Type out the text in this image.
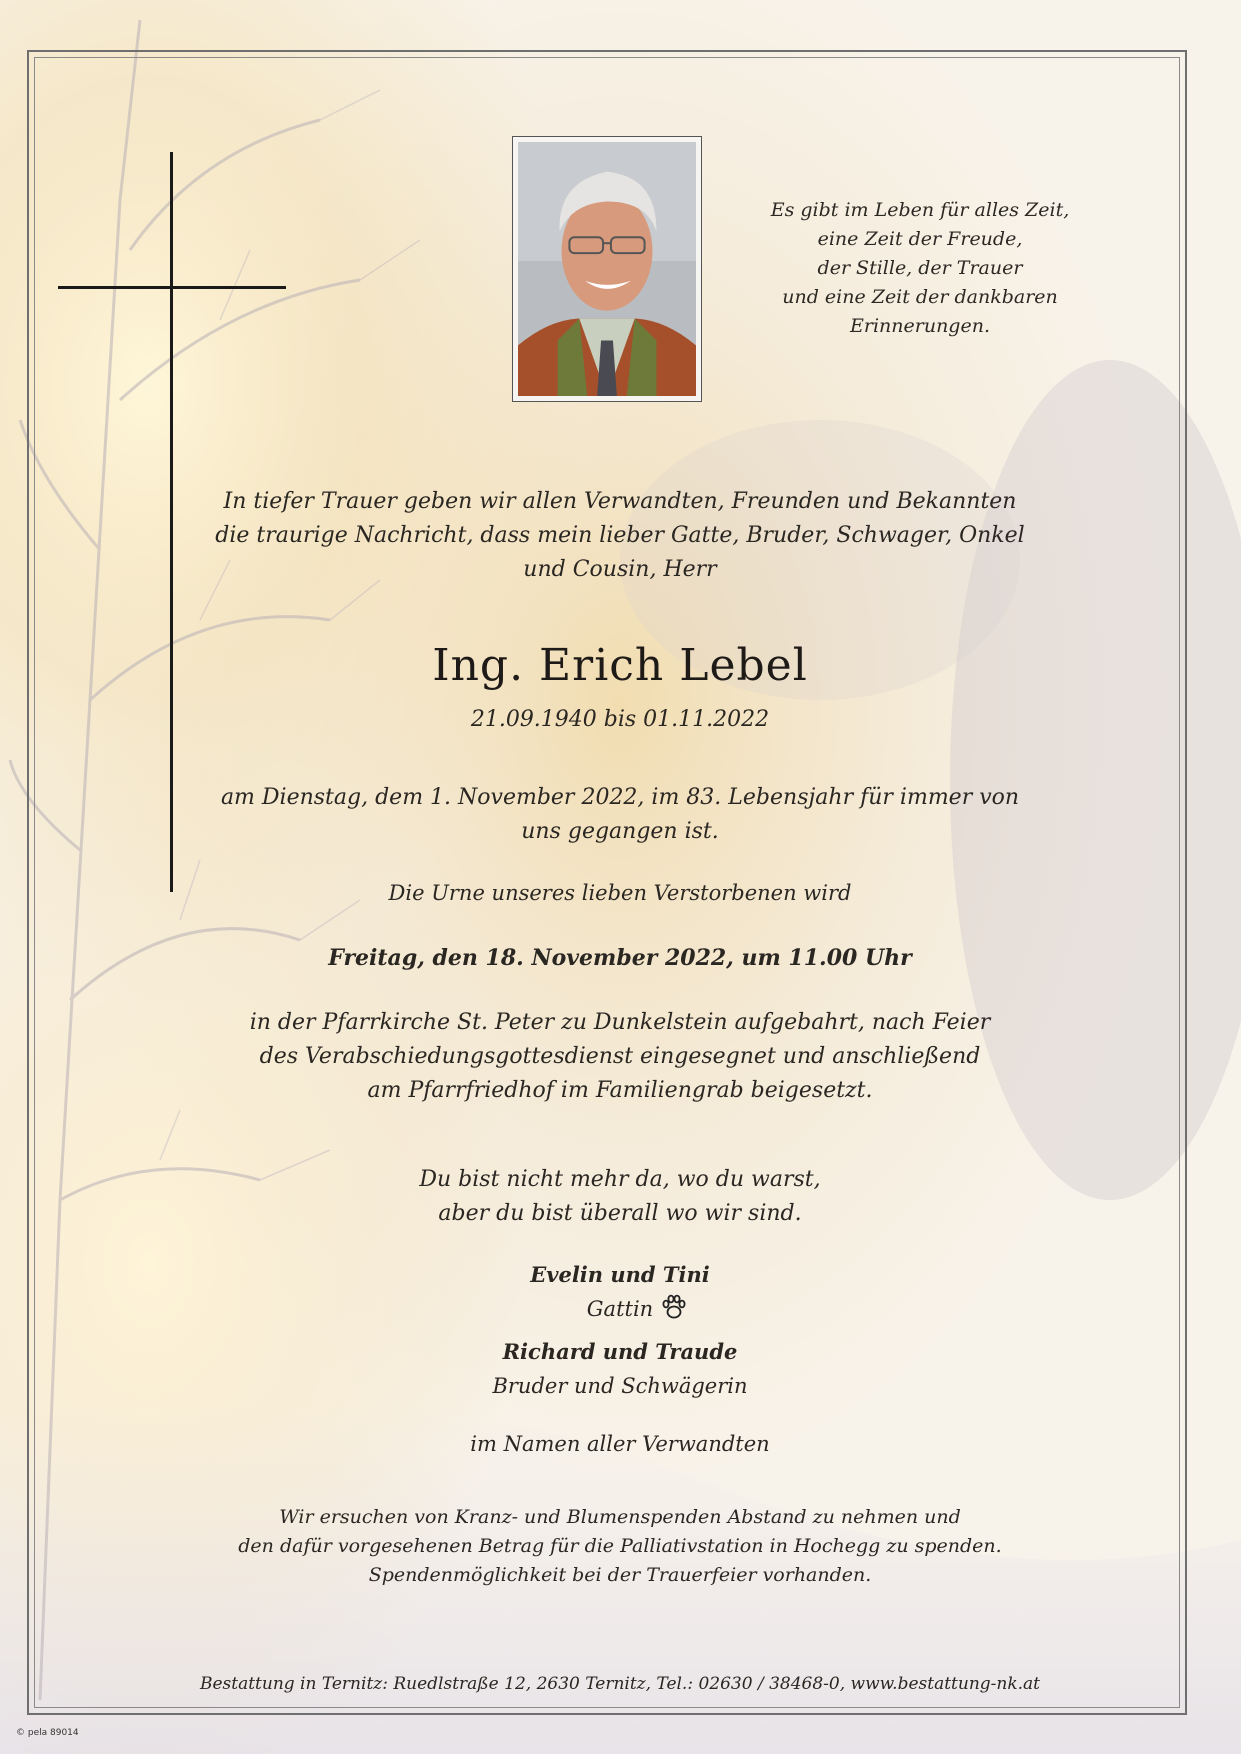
Es gibt im Leben für alles Zeit,
eine Zeit der Freude,
der Stille, der Trauer
und eine Zeit der dankbaren
Erinnerungen.
In tiefer Trauer geben wir allen Verwandten, Freunden und Bekannten
die traurige Nachricht, dass mein lieber Gatte, Bruder, Schwager, Onkel
und Cousin, Herr
Ing. Erich Lebel
21.09.1940 bis 01.11.2022
am Dienstag, dem 1. November 2022, im 83. Lebensjahr für immer von
uns gegangen ist.
Die Urne unseres lieben Verstorbenen wird
Freitag, den 18. November 2022, um 11.00 Uhr
in der Pfarrkirche St. Peter zu Dunkelstein aufgebahrt, nach Feier
des Verabschiedungsgottesdienst eingesegnet und anschließend
am Pfarrfriedhof im Familiengrab beigesetzt.
Du bist nicht mehr da, wo du warst,
aber du bist überall wo wir sind.
Evelin und Tini
Gattin
Richard und Traude
Bruder und Schwägerin
im Namen aller Verwandten
Wir ersuchen von Kranz- und Blumenspenden Abstand zu nehmen und
den dafür vorgesehenen Betrag für die Palliativstation in Hochegg zu spenden.
Spendenmöglichkeit bei der Trauerfeier vorhanden.
Bestattung in Ternitz: Ruedlstraße 12, 2630 Ternitz, Tel.: 02630 / 38468-0, www.bestattung-nk.at
© pela 89014
